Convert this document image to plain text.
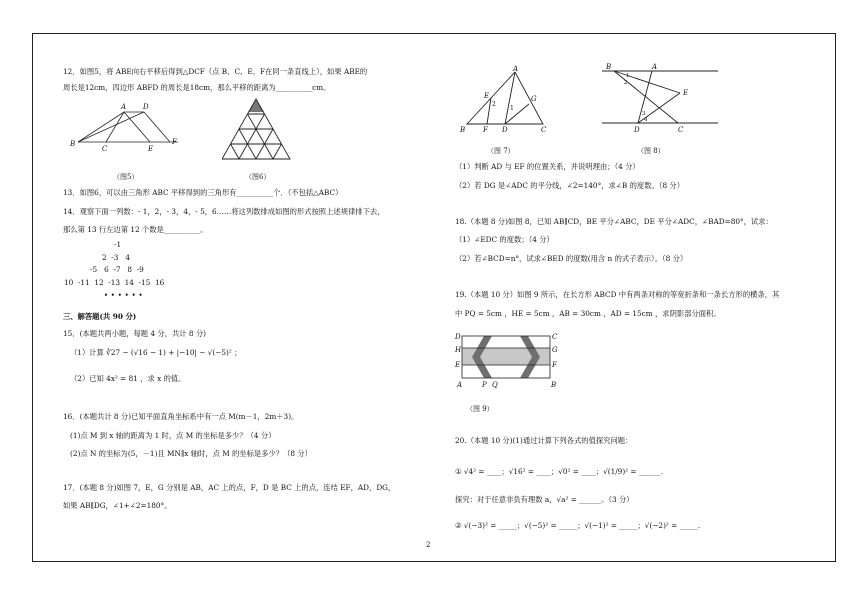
12．如图5，将 ABE向右平移后得到△DCF（点 B、C、E、F在同一条直线上），如果 ABE的
周长是12cm，四边形 ABFD 的周长是18cm，那么平移的距离为__________cm。
A D
B
C	E
F
（图5）	（图6）
13．如图6，可以由三角形 ABC 平移得到的三角形有__________个．（不包括△ABC）
14．观察下面一列数：- 1，2，- 3，4，- 5，6……将这列数排成如图的形式按照上述规律排下去，
那么第 13 行左边第 12 个数是__________。
-1
2  -3   4
-5   6  -7   8  -9
10  -11  12  -13  14  -15  16
• • • • • •
三、解答题(共 90 分)
15．(本题共两小题，每题 4 分，共计 8 分)
（1）计算 ∛27 − (√16 − 1) + |−10| − √(−5)² ；
（2）已知 4x² = 81 ，求 x 的值。
16．(本题共计 8 分)已知平面直角坐标系中有一点 M(m－1，2m＋3)。
(1)点 M 到 x 轴的距离为 1 时，点 M 的坐标是多少？（4 分）
(2)点 N 的坐标为(5，－1)且 MN∥x 轴时，点 M 的坐标是多少？（8 分）
17．(本题 8 分)如图 7，E，G 分别是 AB，AC 上的点，F，D 是 BC 上的点，连结 EF，AD，DG，
如果 AB∥DG，∠1+∠2=180°。
A
E	G
B	F D	C
1
2
（图 7）
B	A
E
D	C
1
2
3
4
（图 8）
（1）判断 AD 与 EF 的位置关系，并说明理由；（4 分）
（2）若 DG 是∠ADC 的平分线，∠2=140°，求∠B 的度数。（8 分）
18.（本题 8 分)如图 8，已知 AB∥CD，BE 平分∠ABC，DE 平分∠ADC，∠BAD=80°，试求：
（1）∠EDC 的度数；（4 分）
（2）若∠BCD=n°，试求∠BED 的度数(用含 n 的式子表示）。（8 分）
19.（本题 10 分）如图 9 所示，在长方形 ABCD 中有两条对称的等宽折条和一条长方形的横条，其
中 PQ = 5cm ，HE = 5cm ，AB = 30cm ，AD = 15cm ，求阴影部分面积。
D	C
H	G
E	F
A	P Q	B
（图 9）
20.（本题 10 分)(1)通过计算下列各式的值探究问题：
① √4² = ____；√16² = ____；√0² = ____；√(1/9)² = ______.
探究：对于任意非负有理数 a，√a² = ______。（3 分）
② √(−3)² = _____；√(−5)² = _____；√(−1)² = _____；√(−2)² = _____.
2
